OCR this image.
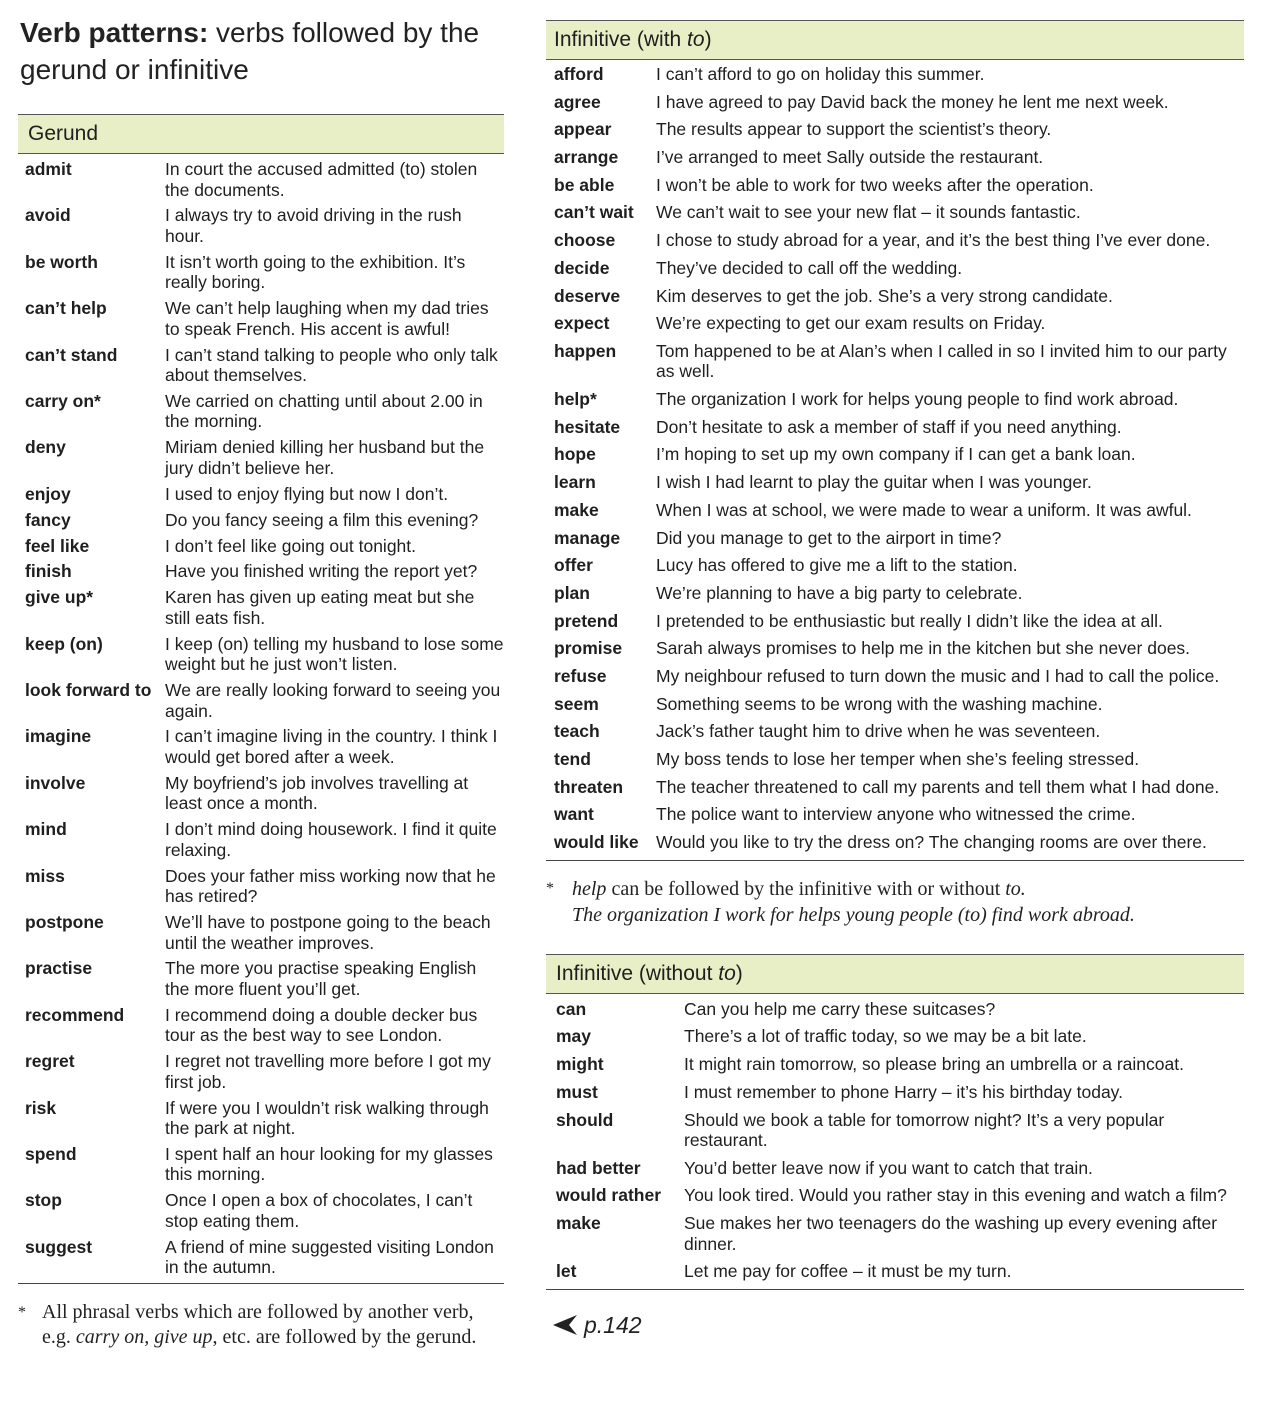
Verb patterns: verbs followed by the gerund or infinitive
Gerund
admit	In court the accused admitted (to) stolen the documents.
avoid	I always try to avoid driving in the rush hour.
be worth	It isn’t worth going to the exhibition. It’s really boring.
can’t help	We can’t help laughing when my dad tries to speak French. His accent is awful!
can’t stand	I can’t stand talking to people who only talk about themselves.
carry on*	We carried on chatting until about 2.00 in the morning.
deny	Miriam denied killing her husband but the jury didn’t believe her.
enjoy	I used to enjoy flying but now I don’t.
fancy	Do you fancy seeing a film this evening?
feel like	I don’t feel like going out tonight.
finish	Have you finished writing the report yet?
give up*	Karen has given up eating meat but she still eats fish.
keep (on)	I keep (on) telling my husband to lose some weight but he just won’t listen.
look forward to	We are really looking forward to seeing you again.
imagine	I can’t imagine living in the country. I think I would get bored after a week.
involve	My boyfriend’s job involves travelling at least once a month.
mind	I don’t mind doing housework. I find it quite relaxing.
miss	Does your father miss working now that he has retired?
postpone	We’ll have to postpone going to the beach until the weather improves.
practise	The more you practise speaking English the more fluent you’ll get.
recommend	I recommend doing a double decker bus tour as the best way to see London.
regret	I regret not travelling more before I got my first job.
risk	If were you I wouldn’t risk walking through the park at night.
spend	I spent half an hour looking for my glasses this morning.
stop	Once I open a box of chocolates, I can’t stop eating them.
suggest	A friend of mine suggested visiting London in the autumn.
* All phrasal verbs which are followed by another verb, e.g. carry on, give up, etc. are followed by the gerund.
Infinitive (with to)
afford	I can’t afford to go on holiday this summer.
agree	I have agreed to pay David back the money he lent me next week.
appear	The results appear to support the scientist’s theory.
arrange	I’ve arranged to meet Sally outside the restaurant.
be able	I won’t be able to work for two weeks after the operation.
can’t wait	We can’t wait to see your new flat – it sounds fantastic.
choose	I chose to study abroad for a year, and it’s the best thing I’ve ever done.
decide	They’ve decided to call off the wedding.
deserve	Kim deserves to get the job. She’s a very strong candidate.
expect	We’re expecting to get our exam results on Friday.
happen	Tom happened to be at Alan’s when I called in so I invited him to our party as well.
help*	The organization I work for helps young people to find work abroad.
hesitate	Don’t hesitate to ask a member of staff if you need anything.
hope	I’m hoping to set up my own company if I can get a bank loan.
learn	I wish I had learnt to play the guitar when I was younger.
make	When I was at school, we were made to wear a uniform. It was awful.
manage	Did you manage to get to the airport in time?
offer	Lucy has offered to give me a lift to the station.
plan	We’re planning to have a big party to celebrate.
pretend	I pretended to be enthusiastic but really I didn’t like the idea at all.
promise	Sarah always promises to help me in the kitchen but she never does.
refuse	My neighbour refused to turn down the music and I had to call the police.
seem	Something seems to be wrong with the washing machine.
teach	Jack’s father taught him to drive when he was seventeen.
tend	My boss tends to lose her temper when she’s feeling stressed.
threaten	The teacher threatened to call my parents and tell them what I had done.
want	The police want to interview anyone who witnessed the crime.
would like	Would you like to try the dress on? The changing rooms are over there.
* help can be followed by the infinitive with or without to.
The organization I work for helps young people (to) find work abroad.
Infinitive (without to)
can	Can you help me carry these suitcases?
may	There’s a lot of traffic today, so we may be a bit late.
might	It might rain tomorrow, so please bring an umbrella or a raincoat.
must	I must remember to phone Harry – it’s his birthday today.
should	Should we book a table for tomorrow night? It’s a very popular restaurant.
had better	You’d better leave now if you want to catch that train.
would rather	You look tired. Would you rather stay in this evening and watch a film?
make	Sue makes her two teenagers do the washing up every evening after dinner.
let	Let me pay for coffee – it must be my turn.
p.142
